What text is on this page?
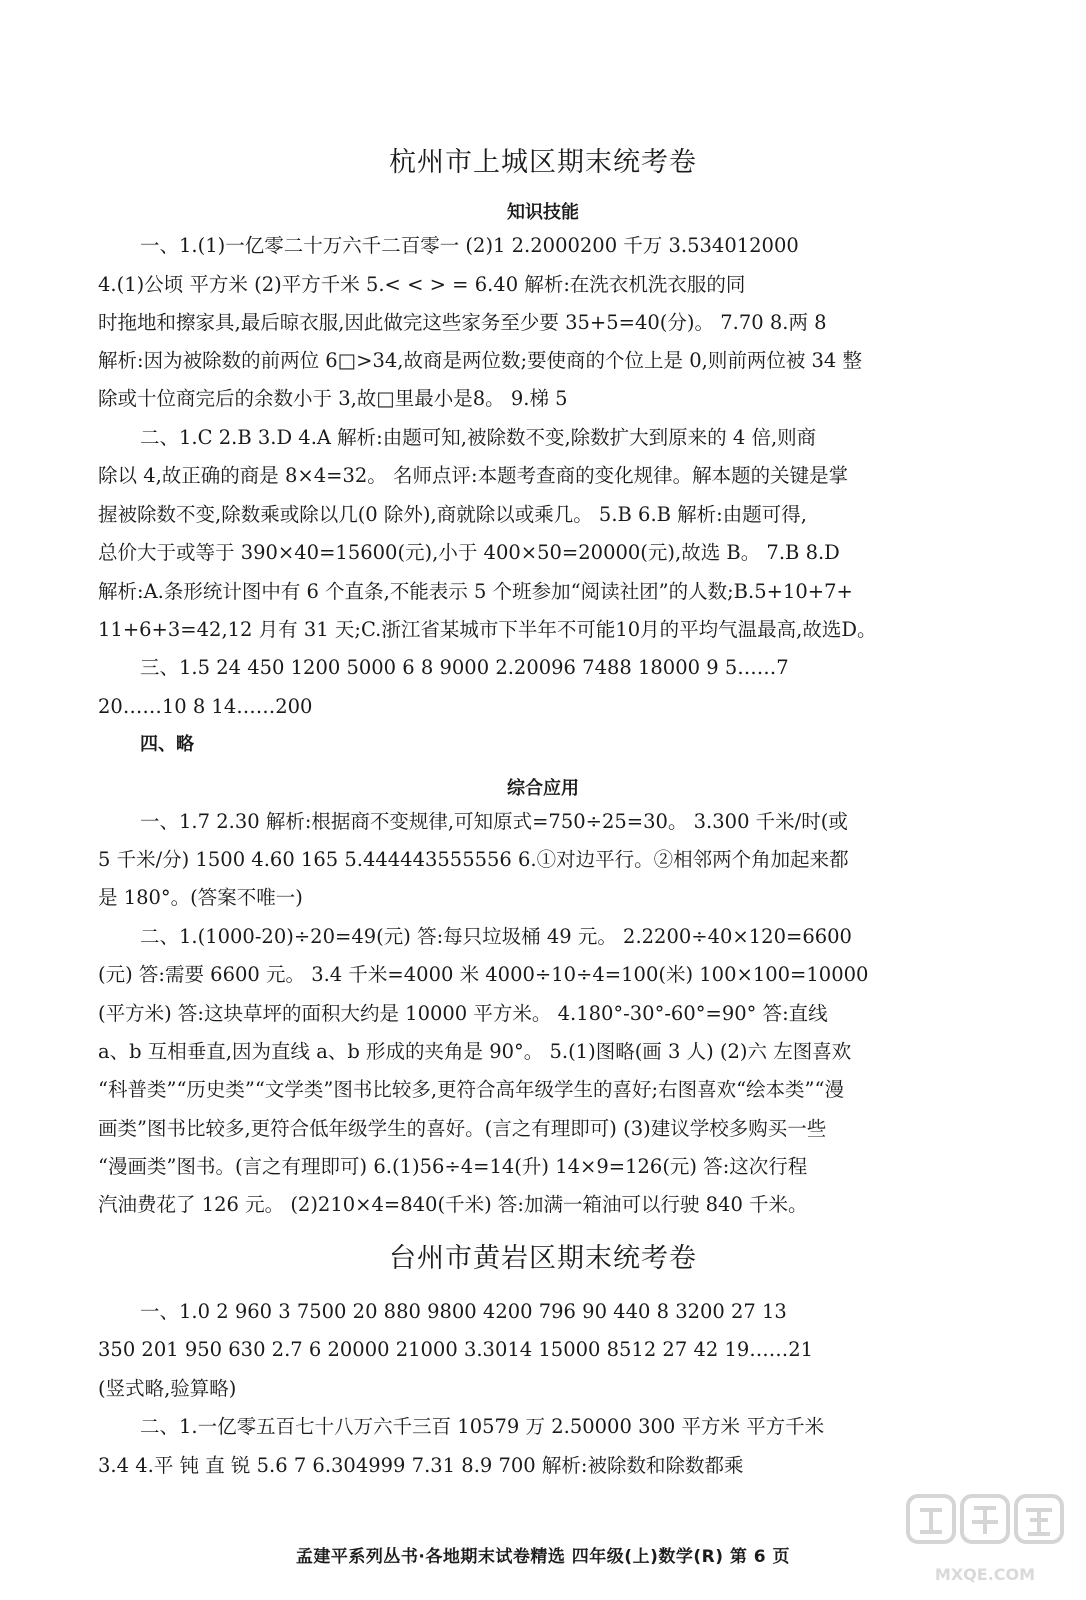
杭州市上城区期末统考卷
知识技能
一、1.(1)一亿零二十万六千二百零一 (2)1 2.2000200 千万 3.534012000
4.(1)公顷 平方米 (2)平方千米 5.< < > = 6.40 解析:在洗衣机洗衣服的同
时拖地和擦家具,最后晾衣服,因此做完这些家务至少要 35+5=40(分)。 7.70 8.两 8
解析:因为被除数的前两位 6□>34,故商是两位数;要使商的个位上是 0,则前两位被 34 整
除或十位商完后的余数小于 3,故□里最小是8。 9.梯 5
二、1.C 2.B 3.D 4.A 解析:由题可知,被除数不变,除数扩大到原来的 4 倍,则商
除以 4,故正确的商是 8×4=32。 名师点评:本题考查商的变化规律。解本题的关键是掌
握被除数不变,除数乘或除以几(0 除外),商就除以或乘几。 5.B 6.B 解析:由题可得,
总价大于或等于 390×40=15600(元),小于 400×50=20000(元),故选 B。 7.B 8.D
解析:A.条形统计图中有 6 个直条,不能表示 5 个班参加“阅读社团”的人数;B.5+10+7+
11+6+3=42,12 月有 31 天;C.浙江省某城市下半年不可能10月的平均气温最高,故选D。
三、1.5 24 450 1200 5000 6 8 9000 2.20096 7488 18000 9 5……7
20……10 8 14……200
四、略
综合应用
一、1.7 2.30 解析:根据商不变规律,可知原式=750÷25=30。 3.300 千米/时(或
5 千米/分) 1500 4.60 165 5.444443555556 6.①对边平行。②相邻两个角加起来都
是 180°。(答案不唯一)
二、1.(1000-20)÷20=49(元) 答:每只垃圾桶 49 元。 2.2200÷40×120=6600
(元) 答:需要 6600 元。 3.4 千米=4000 米 4000÷10÷4=100(米) 100×100=10000
(平方米) 答:这块草坪的面积大约是 10000 平方米。 4.180°-30°-60°=90° 答:直线
a、b 互相垂直,因为直线 a、b 形成的夹角是 90°。 5.(1)图略(画 3 人) (2)六 左图喜欢
“科普类”“历史类”“文学类”图书比较多,更符合高年级学生的喜好;右图喜欢“绘本类”“漫
画类”图书比较多,更符合低年级学生的喜好。(言之有理即可) (3)建议学校多购买一些
“漫画类”图书。(言之有理即可) 6.(1)56÷4=14(升) 14×9=126(元) 答:这次行程
汽油费花了 126 元。 (2)210×4=840(千米) 答:加满一箱油可以行驶 840 千米。
台州市黄岩区期末统考卷
一、1.0 2 960 3 7500 20 880 9800 4200 796 90 440 8 3200 27 13
350 201 950 630 2.7 6 20000 21000 3.3014 15000 8512 27 42 19……21
(竖式略,验算略)
二、1.一亿零五百七十八万六千三百 10579 万 2.50000 300 平方米 平方千米
3.4 4.平 钝 直 锐 5.6 7 6.304999 7.31 8.9 700 解析:被除数和除数都乘
孟建平系列丛书·各地期末试卷精选 四年级(上)数学(R) 第 6 页
MXQE.COM
